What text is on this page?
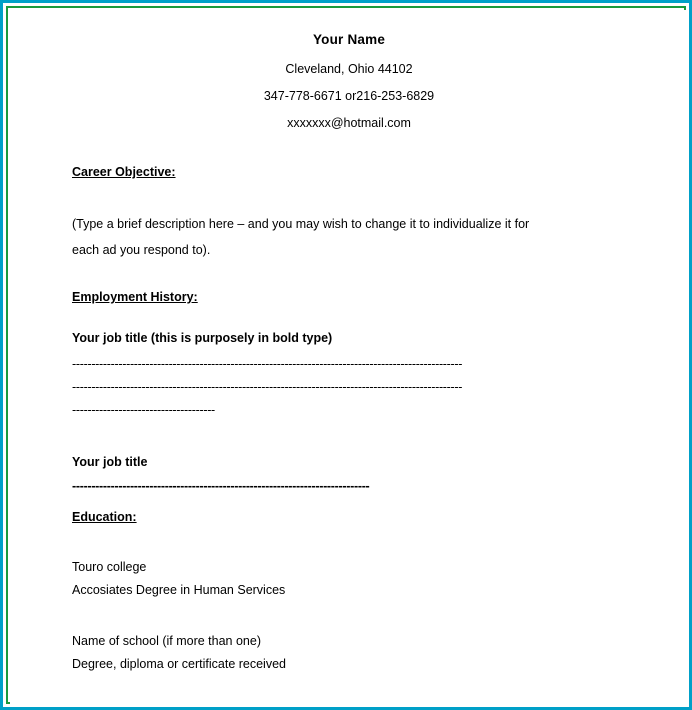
Your Name
Cleveland, Ohio 44102
347-778-6671 or216-253-6829
xxxxxxx@hotmail.com
Career Objective:
(Type a brief description here – and you may wish to change it to individualize it for
each ad you respond to).
Employment History:
Your job title (this is purposely in bold type)
-----------------------------------------------------------------------------------------------------
-----------------------------------------------------------------------------------------------------
-------------------------------------
Your job title
-----------------------------------------------------------------------------
Education:
Touro college
Accosiates Degree in Human Services
Name of school (if more than one)
Degree, diploma or certificate received
